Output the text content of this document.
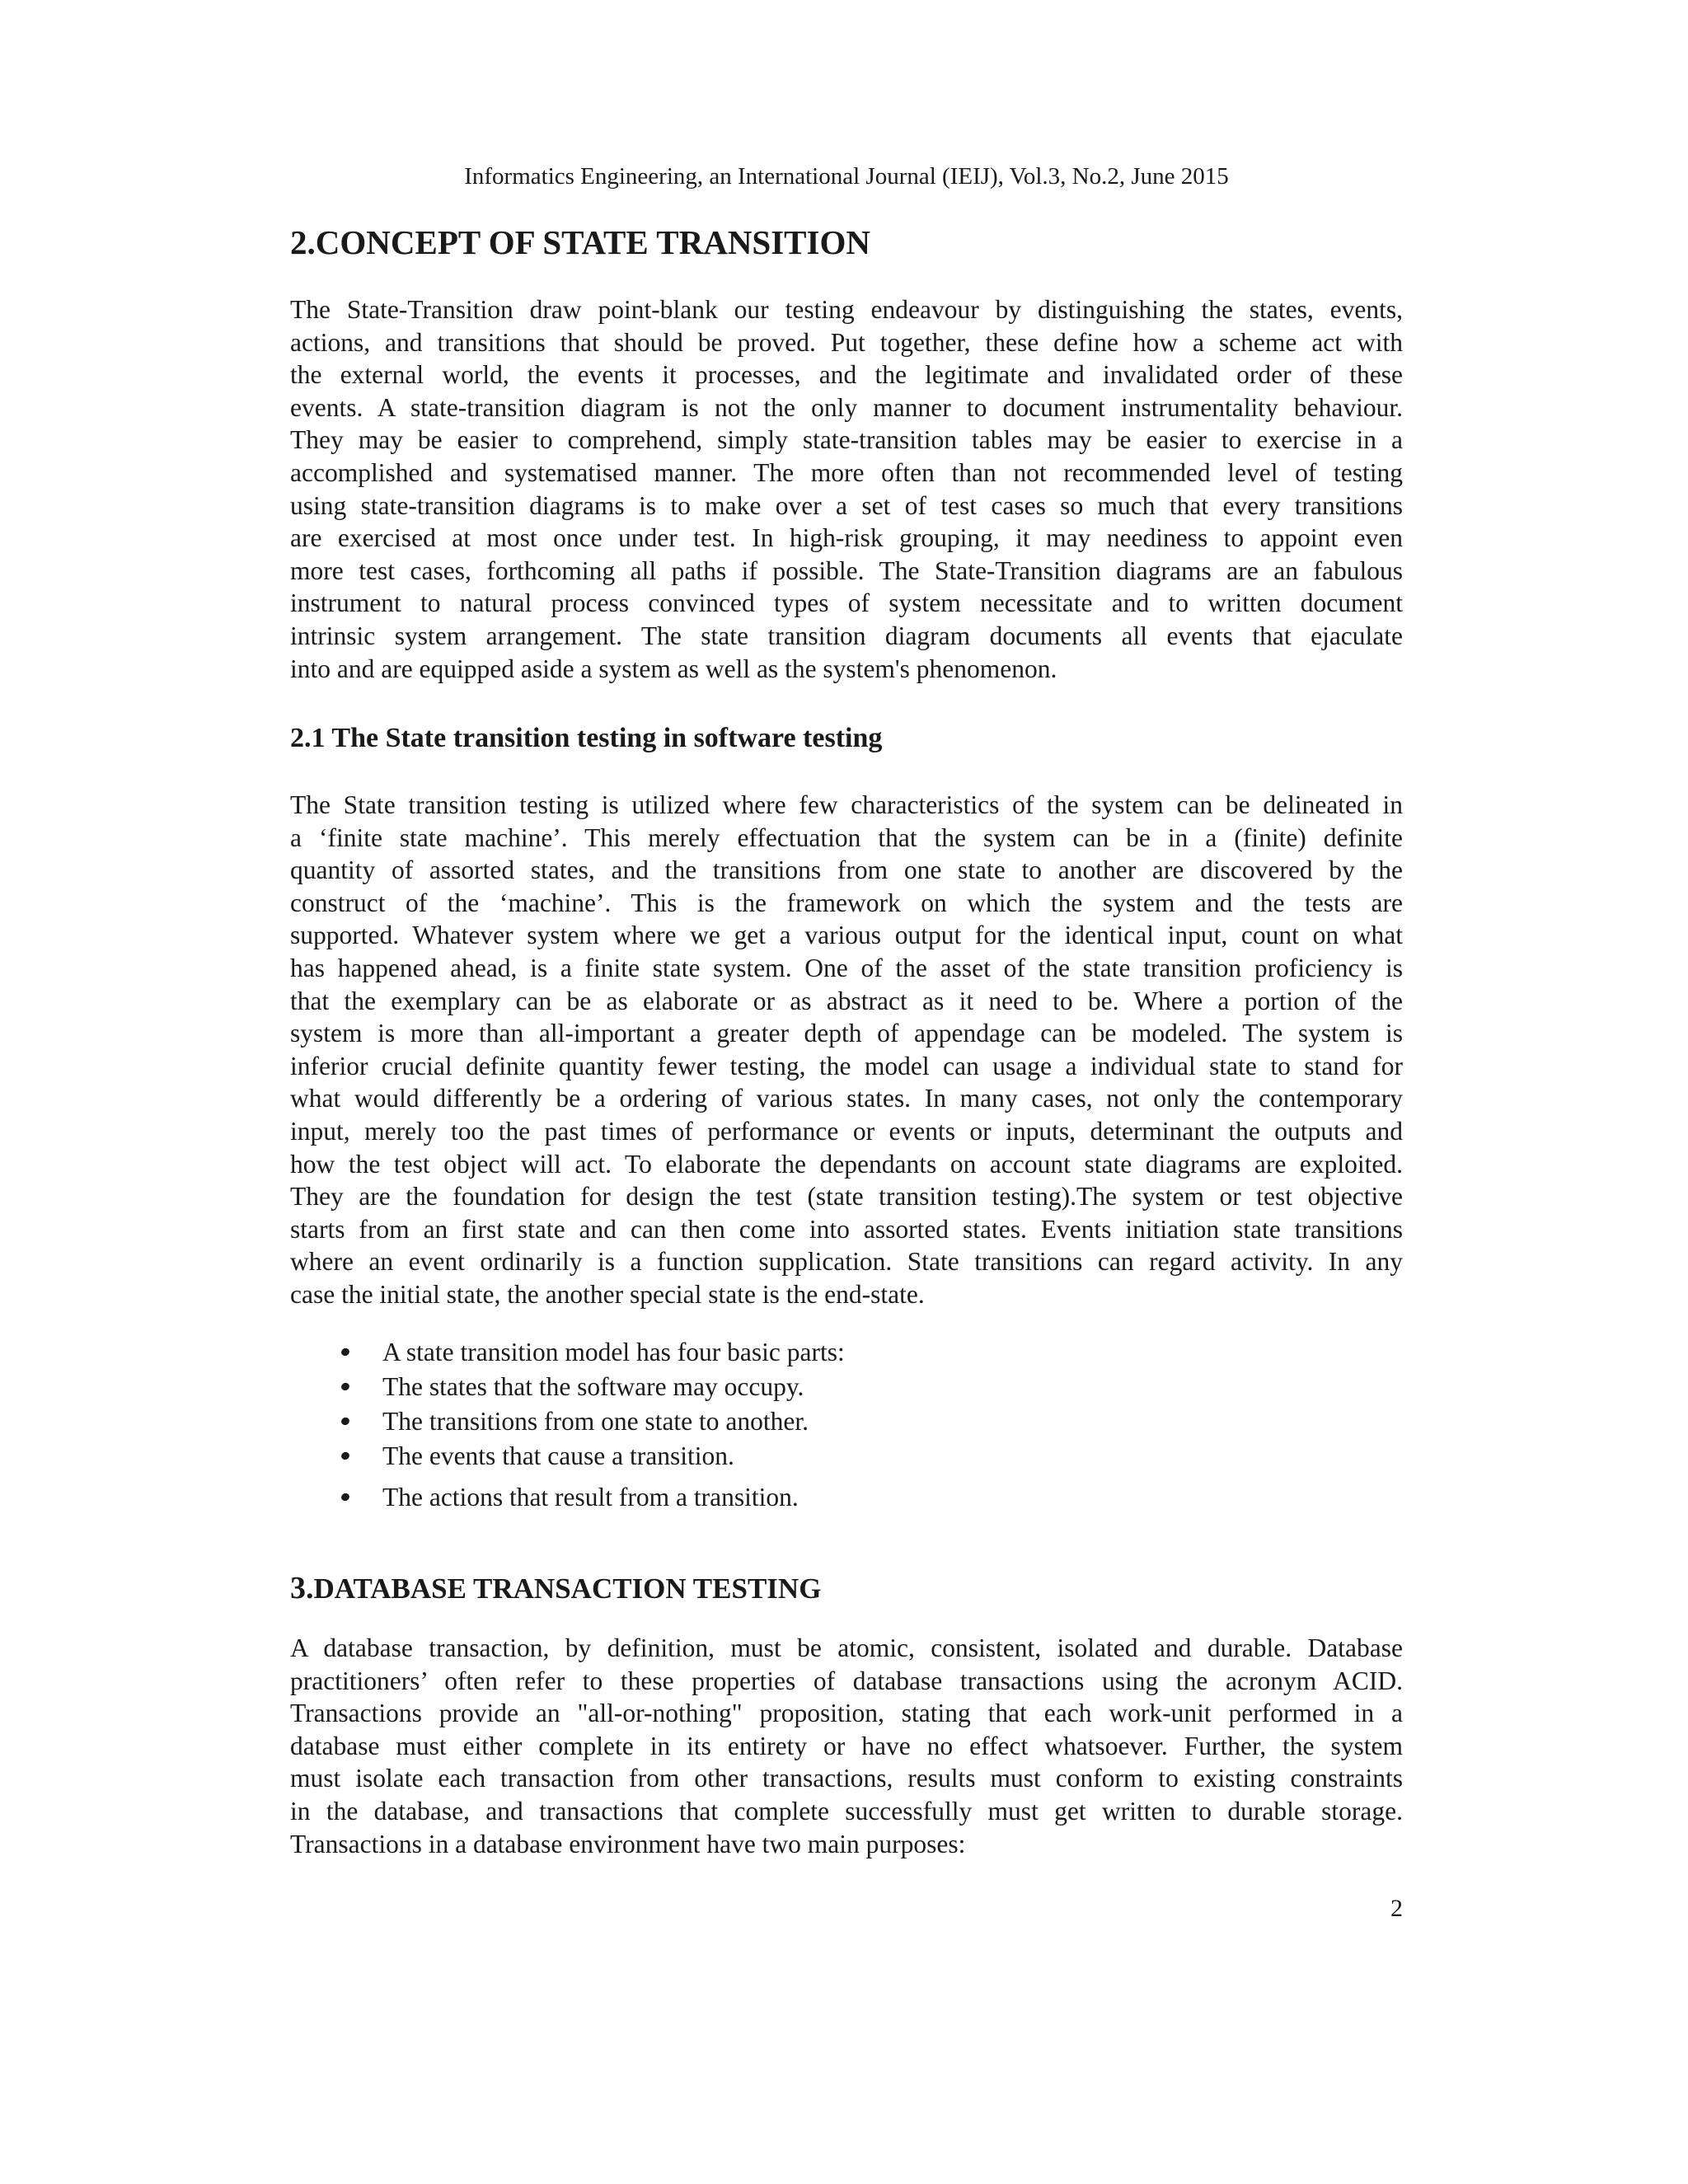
Informatics Engineering, an International Journal (IEIJ), Vol.3, No.2, June 2015
2.CONCEPT OF STATE TRANSITION

The State-Transition draw point-blank our testing endeavour by distinguishing the states, events,
actions, and transitions that should be proved. Put together, these define how a scheme act with
the external world, the events it processes, and the legitimate and invalidated order of these
events. A state-transition diagram is not the only manner to document instrumentality behaviour.
They may be easier to comprehend, simply state-transition tables may be easier to exercise in a
accomplished and systematised manner. The more often than not recommended level of testing
using state-transition diagrams is to make over a set of test cases so much that every transitions
are exercised at most once under test. In high-risk grouping, it may neediness to appoint even
more test cases, forthcoming all paths if possible. The State-Transition diagrams are an fabulous
instrument to natural process convinced types of system necessitate and to written document
intrinsic system arrangement. The state transition diagram documents all events that ejaculate
into and are equipped aside a system as well as the system's phenomenon.

2.1 The State transition testing in software testing

The State transition testing is utilized where few characteristics of the system can be delineated in
a ‘finite state machine’. This merely effectuation that the system can be in a (finite) definite
quantity of assorted states, and the transitions from one state to another are discovered by the
construct of the ‘machine’. This is the framework on which the system and the tests are
supported. Whatever system where we get a various output for the identical input, count on what
has happened ahead, is a finite state system. One of the asset of the state transition proficiency is
that the exemplary can be as elaborate or as abstract as it need to be. Where a portion of the
system is more than all-important a greater depth of appendage can be modeled. The system is
inferior crucial definite quantity fewer testing, the model can usage a individual state to stand for
what would differently be a ordering of various states. In many cases, not only the contemporary
input, merely too the past times of performance or events or inputs, determinant the outputs and
how the test object will act. To elaborate the dependants on account state diagrams are exploited.
They are the foundation for design the test (state transition testing).The system or test objective
starts from an first state and can then come into assorted states. Events initiation state transitions
where an event ordinarily is a function supplication. State transitions can regard activity. In any
case the initial state, the another special state is the end-state.

A state transition model has four basic parts:
The states that the software may occupy.
The transitions from one state to another.
The events that cause a transition.
The actions that result from a transition.
3.DATABASE TRANSACTION TESTING

A database transaction, by definition, must be atomic, consistent, isolated and durable. Database
practitioners’ often refer to these properties of database transactions using the acronym ACID.
Transactions provide an "all-or-nothing" proposition, stating that each work-unit performed in a
database must either complete in its entirety or have no effect whatsoever. Further, the system
must isolate each transaction from other transactions, results must conform to existing constraints
in the database, and transactions that complete successfully must get written to durable storage.
Transactions in a database environment have two main purposes:

2
